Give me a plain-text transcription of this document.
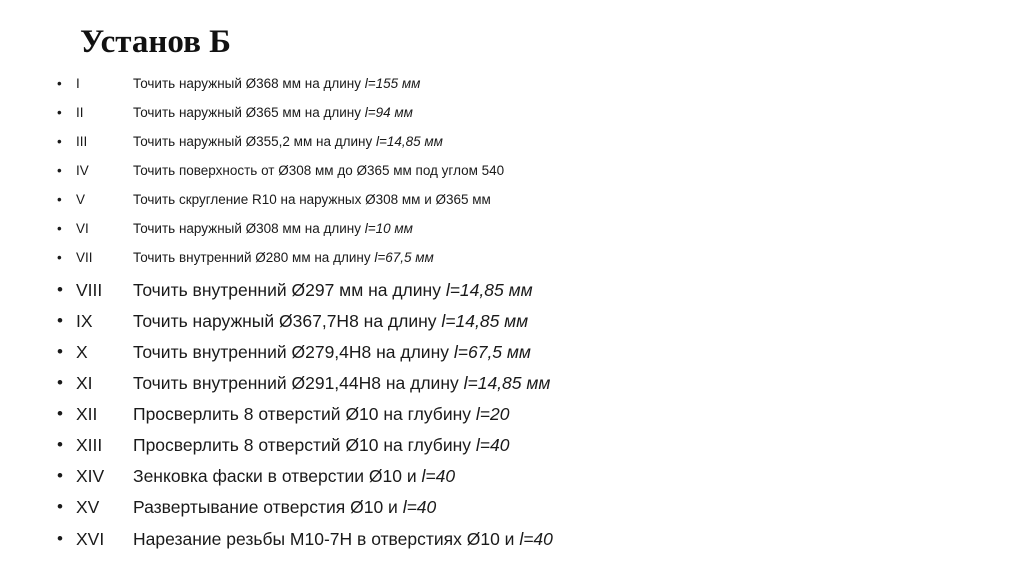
Установ Б
• I	Точить наружный Ø368 мм на длину l=155 мм
• II	Точить наружный Ø365 мм на длину l=94 мм
• III	Точить наружный Ø355,2 мм на длину l=14,85 мм
• IV	Точить поверхность от Ø308 мм до Ø365 мм под углом 540
• V	Точить скругление R10 на наружных Ø308 мм и Ø365 мм
• VI	Точить наружный Ø308 мм на длину l=10 мм
• VII	Точить внутренний Ø280 мм на длину l=67,5 мм
• VIII Точить внутренний Ø297 мм на длину l=14,85 мм
• IX Точить наружный Ø367,7H8 на длину l=14,85 мм
• X	Точить внутренний Ø279,4H8 на длину l=67,5 мм
• XI Точить внутренний Ø291,44H8 на длину l=14,85 мм
• XII Просверлить 8 отверстий Ø10 на глубину l=20
• XIII Просверлить 8 отверстий Ø10 на глубину l=40
• XIV Зенковка фаски в отверстии Ø10 и l=40
• XV Развертывание отверстия Ø10 и l=40
• XVI Нарезание резьбы М10-7Н в отверстиях Ø10 и l=40
